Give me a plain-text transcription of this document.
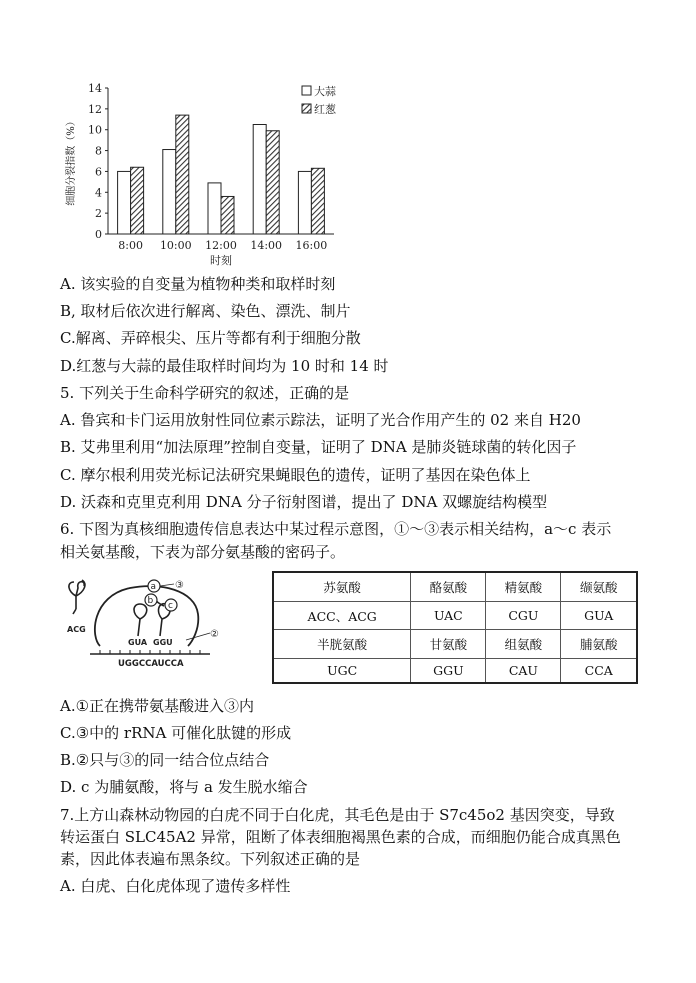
0
2
4
6
8
10
12
14
细胞分裂指数（%）
8:00 10:00 12:00 14:00 16:00
时刻
大蒜
红葱
A. 该实验的自变量为植物种类和取样时刻
B, 取材后依次进行解离、染色、漂洗、制片
C.解离、弄碎根尖、压片等都有利于细胞分散
D.红葱与大蒜的最佳取样时间均为 10 时和 14 时
5. 下列关于生命科学研究的叙述，正确的是
A. 鲁宾和卡门运用放射性同位素示踪法，证明了光合作用产生的 02 来自 H20
B. 艾弗里利用“加法原理”控制自变量，证明了 DNA 是肺炎链球菌的转化因子
C. 摩尔根利用荧光标记法研究果蝇眼色的遗传，证明了基因在染色体上
D. 沃森和克里克利用 DNA 分子衍射图谱，提出了 DNA 双螺旋结构模型
6. 下图为真核细胞遗传信息表达中某过程示意图，①～③表示相关结构，a～c 表示
相关氨基酸，下表为部分氨基酸的密码子。
ACG
a
b c
③
GUA GGU
②
UGGCCAUCCA
苏氨酸	酪氨酸	精氨酸	缬氨酸
ACC、ACG	UAC	CGU	GUA
半胱氨酸	甘氨酸	组氨酸	脯氨酸
UGC	GGU	CAU	CCA
A.①正在携带氨基酸进入③内
C.③中的 rRNA 可催化肽键的形成
B.②只与③的同一结合位点结合
D. c 为脯氨酸，将与 a 发生脱水缩合
7.上方山森林动物园的白虎不同于白化虎，其毛色是由于 S7c45o2 基因突变，导致
转运蛋白 SLC45A2 异常，阻断了体表细胞褐黑色素的合成，而细胞仍能合成真黑色
素，因此体表遍布黑条纹。下列叙述正确的是
A. 白虎、白化虎体现了遗传多样性
